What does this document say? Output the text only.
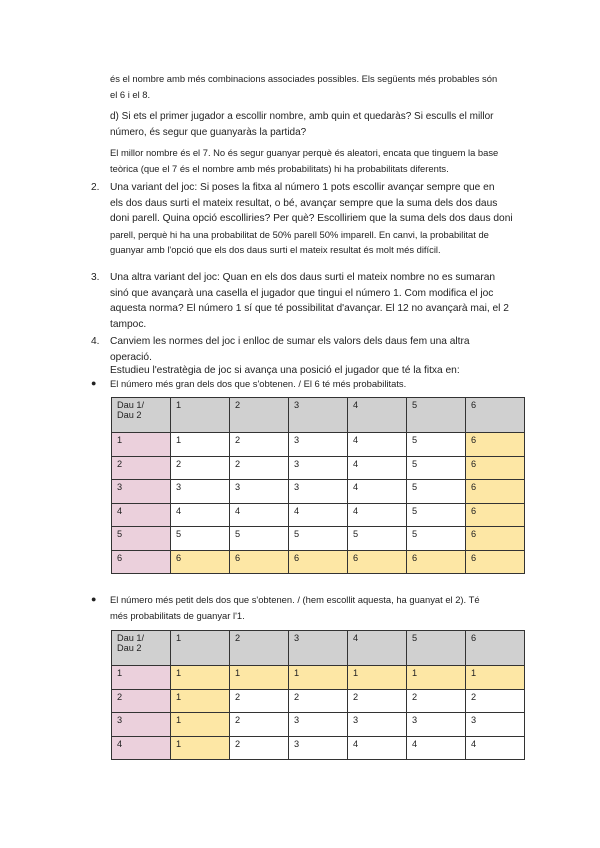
és el nombre amb més combinacions associades possibles. Els següents més probables són
el 6 i el 8.
d) Si ets el primer jugador a escollir nombre, amb quin et quedaràs? Si esculls el millor
número, és segur que guanyaràs la partida?
El millor nombre és el 7. No és segur guanyar perquè és aleatori, encata que tinguem la base
teòrica (que el 7 és el nombre amb més probabilitats) hi ha probabilitats diferents.
2. Una variant del joc: Si poses la fitxa al número 1 pots escollir avançar sempre que en
els dos daus surti el mateix resultat, o bé, avançar sempre que la suma dels dos daus
doni parell. Quina opció escolliries? Per què? Escolliriem que la suma dels dos daus doni
parell, perquè hi ha una probabilitat de 50% parell 50% imparell. En canvi, la probabilitat de
guanyar amb l'opció que els dos daus surti el mateix resultat és molt més difícil.
3. Una altra variant del joc: Quan en els dos daus surti el mateix nombre no es sumaran
sinó que avançarà una casella el jugador que tingui el número 1. Com modifica el joc
aquesta norma? El número 1 sí que té possibilitat d'avançar. El 12 no avançarà mai, el 2
tampoc.
4. Canviem les normes del joc i enlloc de sumar els valors dels daus fem una altra
operació.
Estudieu l'estratègia de joc si avança una posició el jugador que té la fitxa en:
● El número més gran dels dos que s'obtenen. / El 6 té més probabilitats.
Dau 1/
Dau 2	1	2	3	4	5	6
1	1	2	3	4	5	6
2	2	2	3	4	5	6
3	3	3	3	4	5	6
4	4	4	4	4	5	6
5	5	5	5	5	5	6
6	6	6	6	6	6	6
● El número més petit dels dos que s'obtenen. / (hem escollit aquesta, ha guanyat el 2). Té
més probabilitats de guanyar l'1.
Dau 1/
Dau 2	1	2	3	4	5	6
1	1	1	1	1	1	1
2	1	2	2	2	2	2
3	1	2	3	3	3	3
4	1	2	3	4	4	4
